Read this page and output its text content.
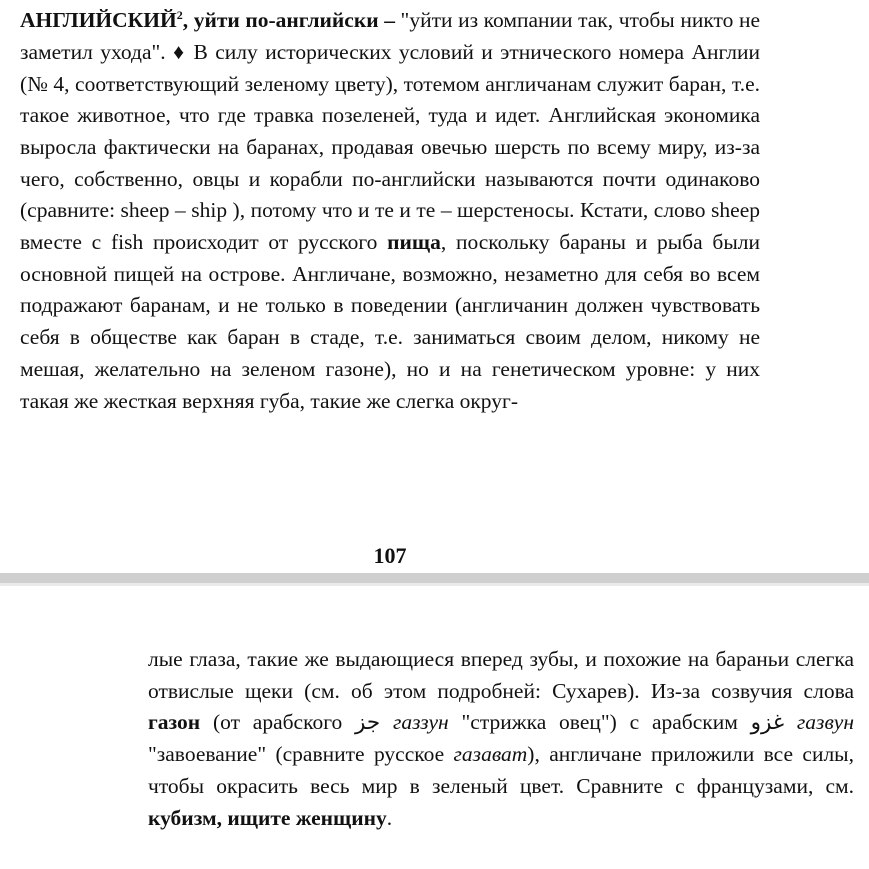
АНГЛИЙСКИЙ$^2$, уйти по-английски – "уйти из компании так, чтобы никто не заметил ухода". ♦ В силу исторических условий и этнического номера Англии (№ 4, соответствующий зеленому цвету), тотемом англичанам служит баран, т.е. такое животное, что где травка позеленей, туда и идет. Английская экономика выросла фактически на баранах, продавая овечью шерсть по всему миру, из-за чего, собственно, овцы и корабли по-английски называются почти одинаково (сравните: sheep – ship ), потому что и те и те – шерстеносы. Кстати, слово sheep вместе с fish происходит от русского пища, поскольку бараны и рыба были основной пищей на острове. Англичане, возможно, незаметно для себя во всем подражают баранам, и не только в поведении (англичанин должен чувствовать себя в обществе как баран в стаде, т.е. заниматься своим делом, никому не мешая, желательно на зеленом газоне), но и на генетическом уровне: у них такая же жесткая верхняя губа, такие же слегка округ-

107

лые глаза, такие же выдающиеся вперед зубы, и похожие на бараньи слегка отвислые щеки (см. об этом подробней: Сухарев). Из-за созвучия слова газон (от арабского جز газзун "стрижка овец") с арабским غزو газвун "завоевание" (сравните русское газават), англичане приложили все силы, чтобы окрасить весь мир в зеленый цвет. Сравните с французами, см. кубизм, ищите женщину.
